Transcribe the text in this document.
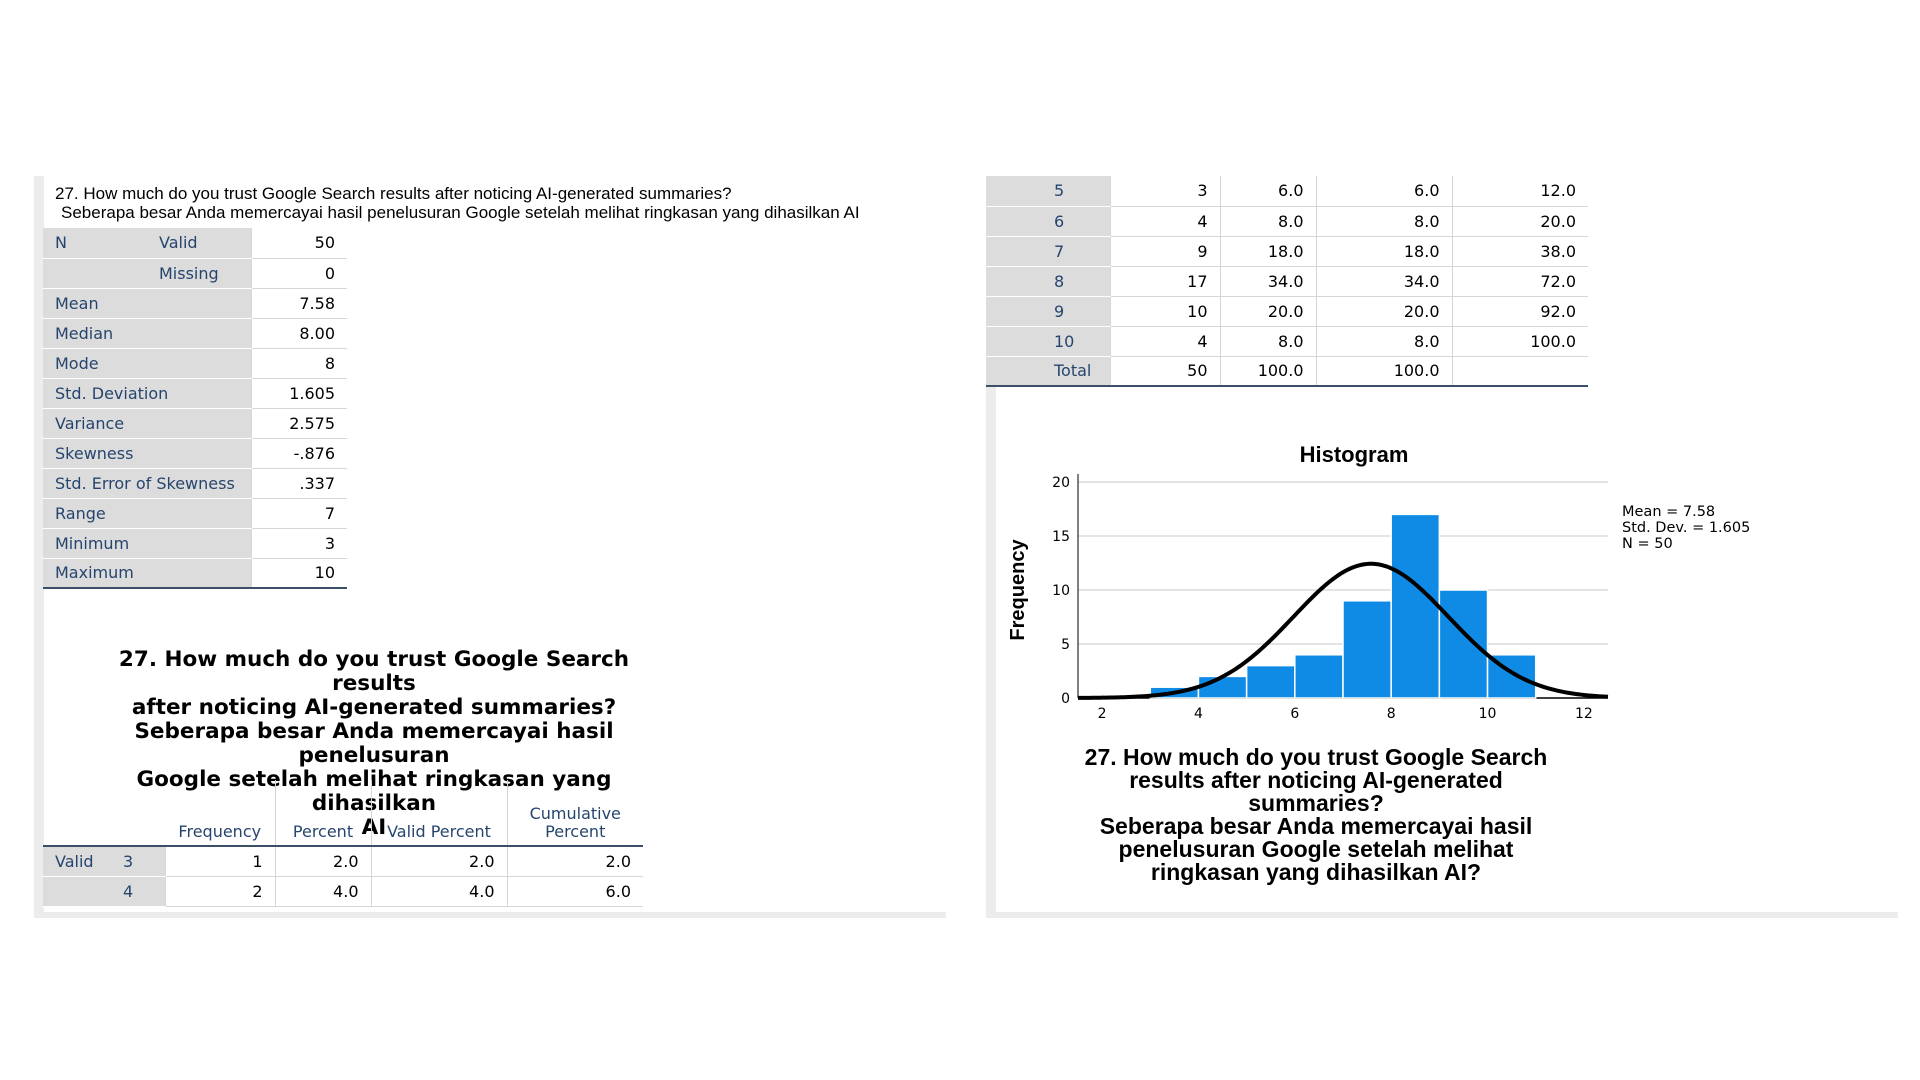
27. How much do you trust Google Search results after noticing AI-generated summaries?
Seberapa besar Anda memercayai hasil penelusuran Google setelah melihat ringkasan yang dihasilkan AI
N	Valid	50
	Missing	0
Mean		7.58
Median		8.00
Mode		8
Std. Deviation		1.605
Variance		2.575
Skewness		-.876
Std. Error of Skewness		.337
Range		7
Minimum		3
Maximum		10
27. How much do you trust Google Search results
after noticing AI-generated summaries?
Seberapa besar Anda memercayai hasil penelusuran
Google setelah melihat ringkasan yang dihasilkan
AI
		Frequency	Percent	Valid Percent	Cumulative
Percent

Valid	3	1	2.0	2.0	2.0
	4	2	4.0	4.0	6.0
	5	3	6.0	6.0	12.0
	6	4	8.0	8.0	20.0
	7	9	18.0	18.0	38.0
	8	17	34.0	34.0	72.0
	9	10	20.0	20.0	92.0
	10	4	8.0	8.0	100.0
	Total	50	100.0	100.0	
Histogram
0
5
10
15
20
2	4	6	8	10	12
Frequency
Mean = 7.58
Std. Dev. = 1.605
N = 50
27. How much do you trust Google Search
results after noticing AI-generated
summaries?
Seberapa besar Anda memercayai hasil
penelusuran Google setelah melihat
ringkasan yang dihasilkan AI?
